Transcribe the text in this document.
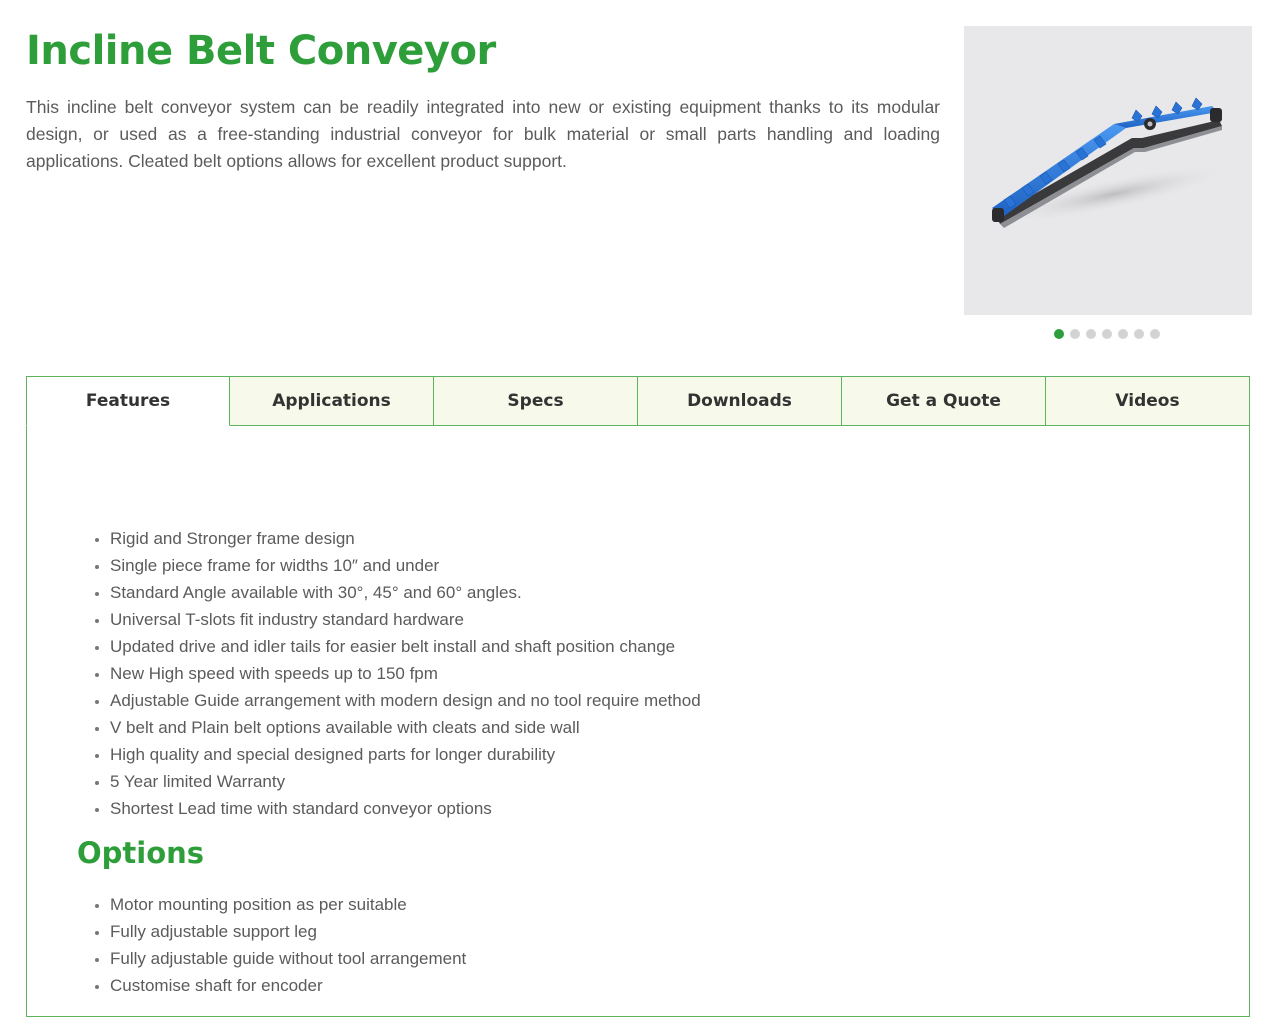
Incline Belt Conveyor

This incline belt conveyor system can be readily integrated into new or existing equipment thanks to its modular design, or used as a free-standing industrial conveyor for bulk material or small parts handling and loading applications. Cleated belt options allows for excellent product support.

• Rigid and Stronger frame design
• Single piece frame for widths 10″ and under
• Standard Angle available with 30°, 45° and 60° angles.
• Universal T-slots fit industry standard hardware
• Updated drive and idler tails for easier belt install and shaft position change
• New High speed with speeds up to 150 fpm
• Adjustable Guide arrangement with modern design and no tool require method
• V belt and Plain belt options available with cleats and side wall
• High quality and special designed parts for longer durability
• 5 Year limited Warranty
• Shortest Lead time with standard conveyor options
Options
• Motor mounting position as per suitable
• Fully adjustable support leg
• Fully adjustable guide without tool arrangement
• Customise shaft for encoder
Features	Applications	Specs	Downloads	Get a Quote	Videos
